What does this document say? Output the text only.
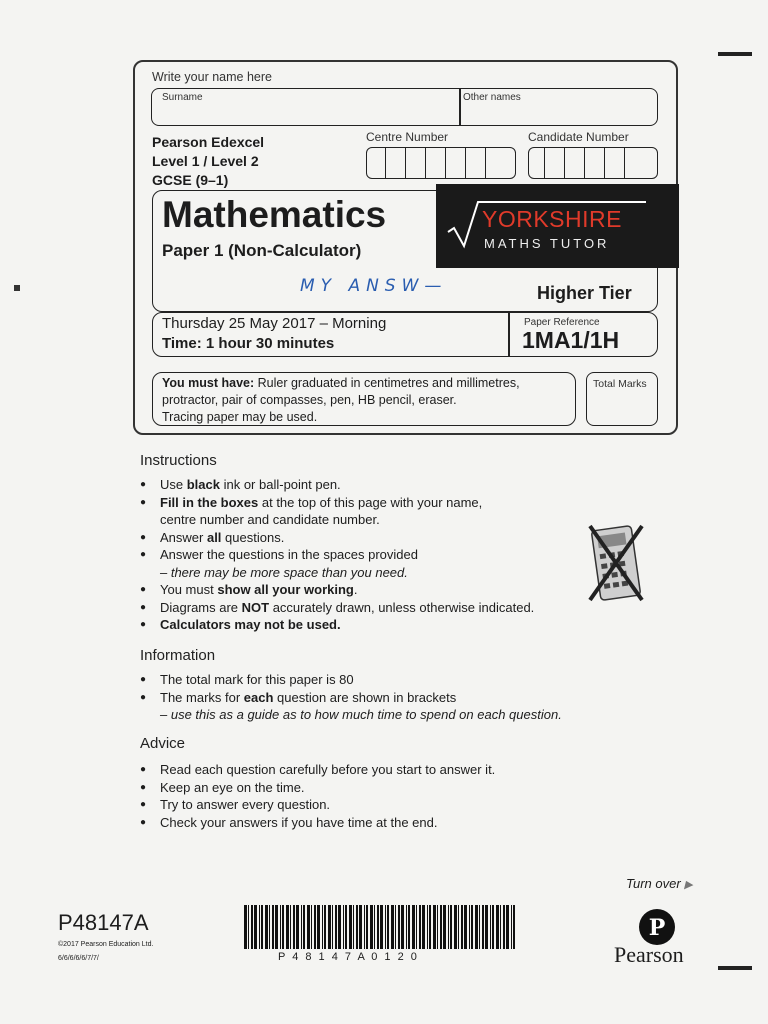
Write your name here
Surname	Other names
Pearson Edexcel
Level 1 / Level 2
GCSE (9–1)
Centre Number	Candidate Number
Mathematics
Paper 1 (Non-Calculator)
MY ANSW—	Higher Tier
YORKSHIRE
MATHS TUTOR
Thursday 25 May 2017 – Morning
Time: 1 hour 30 minutes
Paper Reference
1MA1/1H
You must have: Ruler graduated in centimetres and millimetres,
protractor, pair of compasses, pen, HB pencil, eraser.
Tracing paper may be used.
Total Marks
Instructions
● Use black ink or ball-point pen.
● Fill in the boxes at the top of this page with your name,
centre number and candidate number.
● Answer all questions.
● Answer the questions in the spaces provided
– there may be more space than you need.
● You must show all your working.
● Diagrams are NOT accurately drawn, unless otherwise indicated.
● Calculators may not be used.
Information
● The total mark for this paper is 80
● The marks for each question are shown in brackets
– use this as a guide as to how much time to spend on each question.
Advice
● Read each question carefully before you start to answer it.
● Keep an eye on the time.
● Try to answer every question.
● Check your answers if you have time at the end.
Turn over ▶
P48147A
©2017 Pearson Education Ltd.
6/6/6/6/6/7/7/	P 4 8 1 4 7 A 0 1 2 0
P
Pearson
